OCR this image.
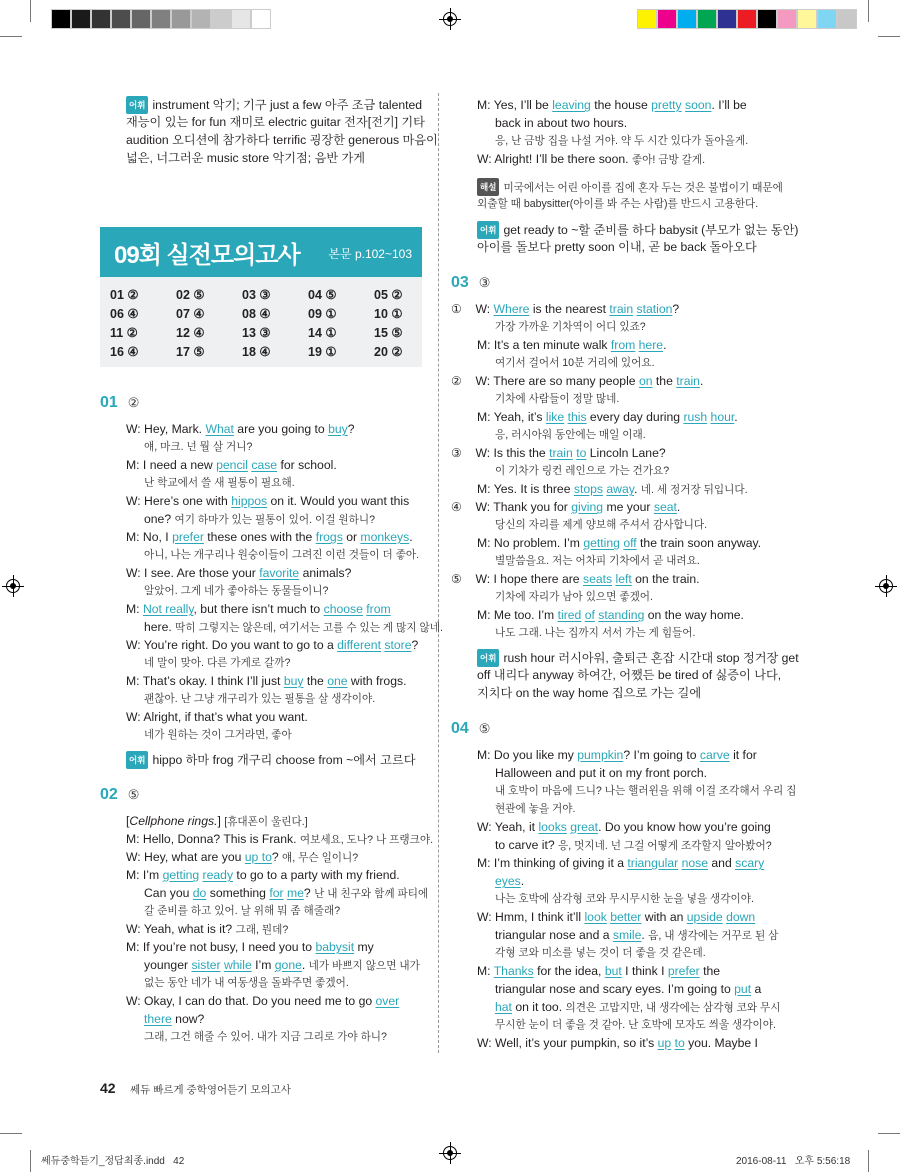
어휘 instrument 악기; 기구 just a few 아주 조금 talented
재능이 있는 for fun 재미로 electric guitar 전자[전기] 기타
audition 오디션에 참가하다 terrific 굉장한 generous 마음이
넓은, 너그러운 music store 악기점; 음반 가게
09회 실전모의고사 본문 p.102~103
01 ②	02 ⑤	03 ③	04 ⑤	05 ②
06 ④	07 ④	08 ④	09 ①	10 ①
11 ②	12 ④	13 ③	14 ①	15 ⑤
16 ④	17 ⑤	18 ④	19 ①	20 ②
01 ②
W: Hey, Mark. What are you going to buy?
얘, 마크. 넌 뭘 살 거니?
M: I need a new pencil case for school.
난 학교에서 쓸 새 필통이 필요해.
W: Here’s one with hippos on it. Would you want this
one? 여기 하마가 있는 필통이 있어. 이걸 원하니?
M: No, I prefer these ones with the frogs or monkeys.
아니, 나는 개구리나 원숭이들이 그려진 이런 것들이 더 좋아.
W: I see. Are those your favorite animals?
알았어. 그게 네가 좋아하는 동물들이니?
M: Not really, but there isn’t much to choose from
here. 딱히 그렇지는 않은데, 여기서는 고를 수 있는 게 많지 않네.
W: You’re right. Do you want to go to a different store?
네 말이 맞아. 다른 가게로 갈까?
M: That’s okay. I think I’ll just buy the one with frogs.
괜찮아. 난 그냥 개구리가 있는 필통을 살 생각이야.
W: Alright, if that’s what you want.
네가 원하는 것이 그거라면, 좋아
어휘 hippo 하마 frog 개구리 choose from ~에서 고르다
02 ⑤
[Cellphone rings.] [휴대폰이 울린다.]
M: Hello, Donna? This is Frank. 여보세요, 도나? 나 프랭크야.
W: Hey, what are you up to? 얘, 무슨 일이니?
M: I’m getting ready to go to a party with my friend.
Can you do something for me? 난 내 친구와 함께 파티에
갈 준비를 하고 있어. 날 위해 뭐 좀 해줄래?
W: Yeah, what is it? 그래, 뭔데?
M: If you’re not busy, I need you to babysit my
younger sister while I’m gone. 네가 바쁘지 않으면 내가
없는 동안 네가 내 여동생을 돌봐주면 좋겠어.
W: Okay, I can do that. Do you need me to go over
there now?
그래, 그건 해줄 수 있어. 내가 지금 그리로 가야 하니?
M: Yes, I’ll be leaving the house pretty soon. I’ll be
back in about two hours.
응, 난 금방 집을 나설 거야. 약 두 시간 있다가 돌아올게.
W: Alright! I’ll be there soon. 좋아! 금방 갈게.
해설 미국에서는 어린 아이를 집에 혼자 두는 것은 불법이기 때문에
외출할 때 babysitter(아이를 봐 주는 사람)를 반드시 고용한다.
어휘 get ready to ~할 준비를 하다 babysit (부모가 없는 동안)
아이를 돌보다 pretty soon 이내, 곧 be back 돌아오다
03 ③
①    W: Where is the nearest train station?
가장 가까운 기차역이 어디 있죠?
M: It’s a ten minute walk from here.
여기서 걸어서 10분 거리에 있어요.
②    W: There are so many people on the train.
기차에 사람들이 정말 많네.
M: Yeah, it’s like this every day during rush hour.
응, 러시아워 동안에는 매일 이래.
③    W: Is this the train to Lincoln Lane?
이 기차가 링컨 레인으로 가는 건가요?
M: Yes. It is three stops away. 네. 세 정거장 뒤입니다.
④    W: Thank you for giving me your seat.
당신의 자리를 제게 양보해 주셔서 감사합니다.
M: No problem. I’m getting off the train soon anyway.
별말씀을요. 저는 어차피 기차에서 곧 내려요.
⑤    W: I hope there are seats left on the train.
기차에 자리가 남아 있으면 좋겠어.
M: Me too. I’m tired of standing on the way home.
나도 그래. 나는 집까지 서서 가는 게 힘들어.
어휘 rush hour 러시아워, 출퇴근 혼잡 시간대 stop 정거장 get
off 내리다 anyway 하여간, 어쨌든 be tired of 싫증이 나다,
지치다 on the way home 집으로 가는 길에
04 ⑤
M: Do you like my pumpkin? I’m going to carve it for
Halloween and put it on my front porch.
내 호박이 마음에 드니? 나는 핼러윈을 위해 이걸 조각해서 우리 집
현관에 놓을 거야.
W: Yeah, it looks great. Do you know how you’re going
to carve it? 응, 멋지네. 넌 그걸 어떻게 조각할지 알아봤어?
M: I’m thinking of giving it a triangular nose and scary
eyes.
나는 호박에 삼각형 코와 무시무시한 눈을 넣을 생각이야.
W: Hmm, I think it’ll look better with an upside down
triangular nose and a smile. 음, 내 생각에는 거꾸로 된 삼
각형 코와 미소를 넣는 것이 더 좋을 것 같은데.
M: Thanks for the idea, but I think I prefer the
triangular nose and scary eyes. I’m going to put a
hat on it too. 의견은 고맙지만, 내 생각에는 삼각형 코와 무시
무시한 눈이 더 좋을 것 같아. 난 호박에 모자도 씌울 생각이야.
W: Well, it’s your pumpkin, so it’s up to you. Maybe I
42 쎄듀 빠르게 중학영어듣기 모의고사
쎄듀중학듣기_정답최종.indd   42	2016-08-11   오후 5:56:18
